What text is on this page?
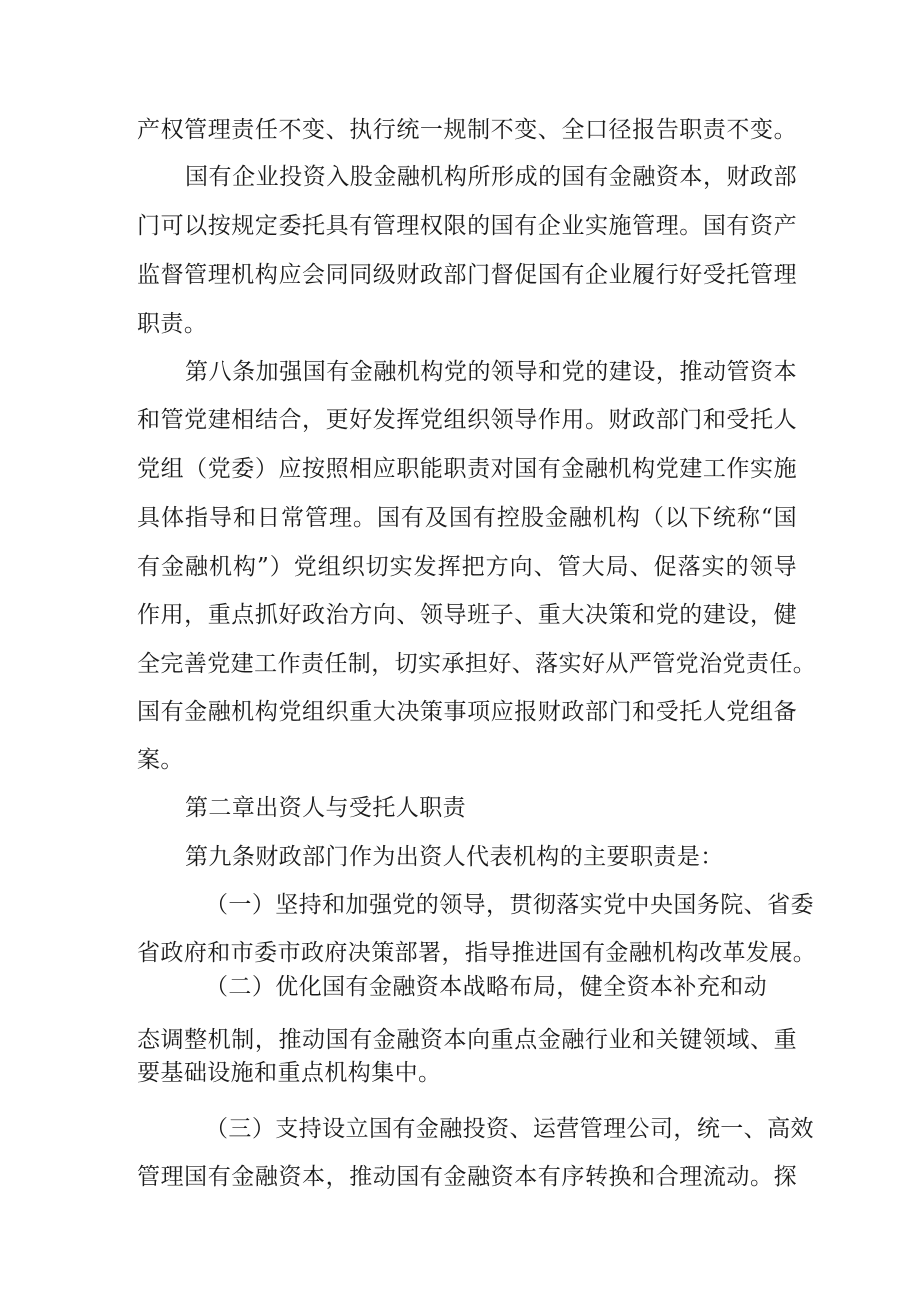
产权管理责任不变、执行统一规制不变、全口径报告职责不变。
国有企业投资入股金融机构所形成的国有金融资本，财政部
门可以按规定委托具有管理权限的国有企业实施管理。国有资产
监督管理机构应会同同级财政部门督促国有企业履行好受托管理
职责。
第八条加强国有金融机构党的领导和党的建设，推动管资本
和管党建相结合，更好发挥党组织领导作用。财政部门和受托人
党组（党委）应按照相应职能职责对国有金融机构党建工作实施
具体指导和日常管理。国有及国有控股金融机构（以下统称“国
有金融机构”）党组织切实发挥把方向、管大局、促落实的领导
作用，重点抓好政治方向、领导班子、重大决策和党的建设，健
全完善党建工作责任制，切实承担好、落实好从严管党治党责任。
国有金融机构党组织重大决策事项应报财政部门和受托人党组备
案。
第二章出资人与受托人职责
第九条财政部门作为出资人代表机构的主要职责是：
（一）坚持和加强党的领导，贯彻落实党中央国务院、省委
省政府和市委市政府决策部署，指导推进国有金融机构改革发展。
（二）优化国有金融资本战略布局，健全资本补充和动
态调整机制，推动国有金融资本向重点金融行业和关键领域、重
要基础设施和重点机构集中。
（三）支持设立国有金融投资、运营管理公司，统一、高效
管理国有金融资本，推动国有金融资本有序转换和合理流动。探
